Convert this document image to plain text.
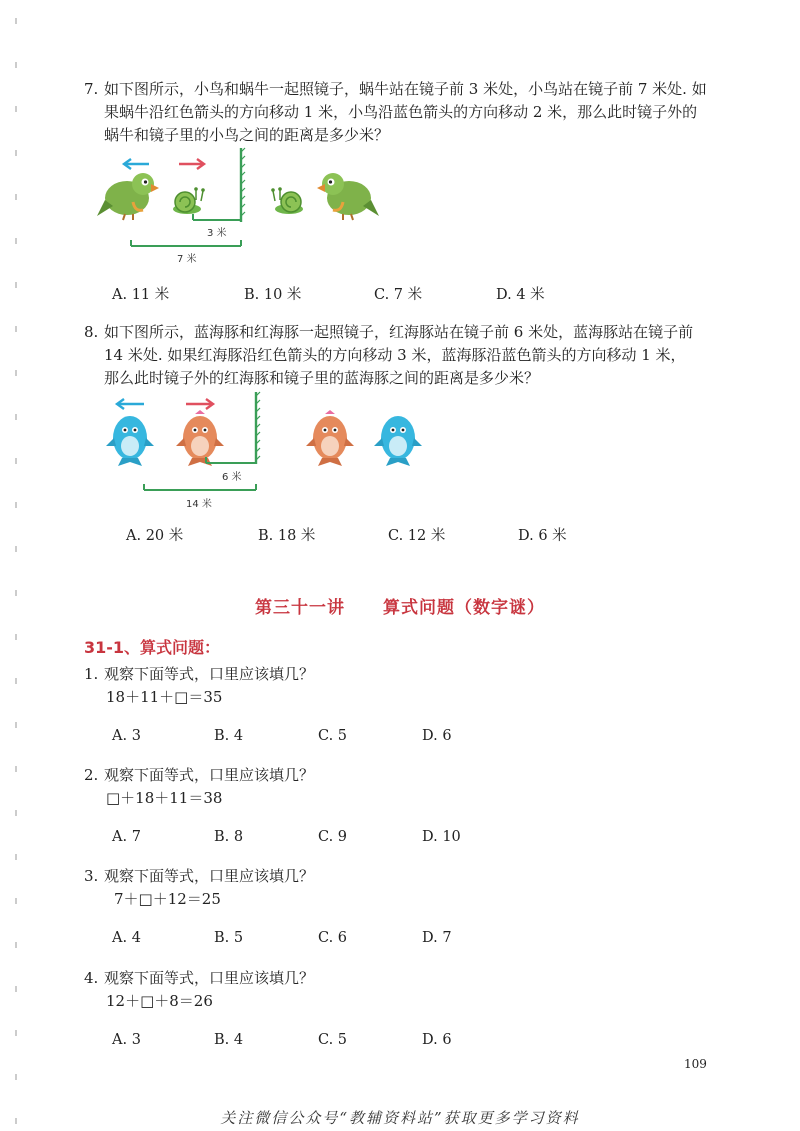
7. 如下图所示，小鸟和蜗牛一起照镜子，蜗牛站在镜子前 3 米处，小鸟站在镜子前 7 米处. 如
果蜗牛沿红色箭头的方向移动 1 米，小鸟沿蓝色箭头的方向移动 2 米，那么此时镜子外的
蜗牛和镜子里的小鸟之间的距离是多少米？
3 米
7 米
A. 11 米	B. 10 米	C. 7 米	D. 4 米
8. 如下图所示，蓝海豚和红海豚一起照镜子，红海豚站在镜子前 6 米处，蓝海豚站在镜子前
14 米处. 如果红海豚沿红色箭头的方向移动 3 米，蓝海豚沿蓝色箭头的方向移动 1 米，
那么此时镜子外的红海豚和镜子里的蓝海豚之间的距离是多少米？
6 米
14 米
A. 20 米	B. 18 米	C. 12 米	D. 6 米
第三十一讲 算式问题（数字谜）
31-1、算式问题：
1. 观察下面等式，口里应该填几？
18＋11＋□＝35
A. 3	B. 4	C. 5	D. 6
2. 观察下面等式，口里应该填几？
□＋18＋11＝38
A. 7	B. 8	C. 9	D. 10
3. 观察下面等式，口里应该填几？
7＋□＋12＝25
A. 4	B. 5	C. 6	D. 7
4. 观察下面等式，口里应该填几？
12＋□＋8＝26
A. 3	B. 4	C. 5	D. 6
109
关注微信公众号“教辅资料站”获取更多学习资料
